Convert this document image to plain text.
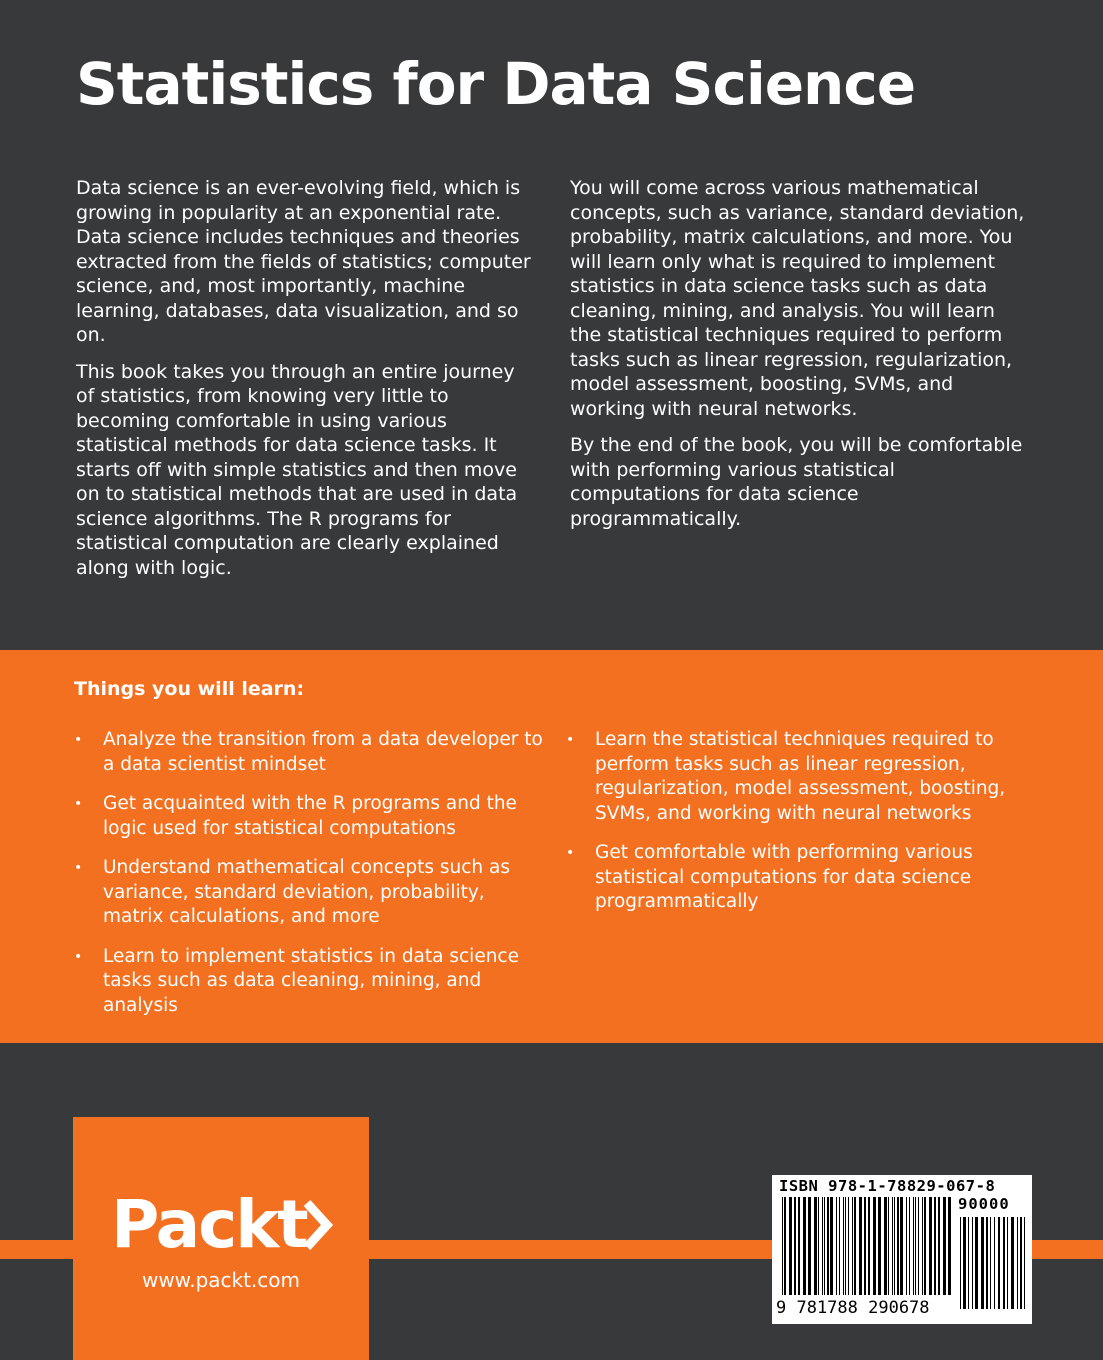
Statistics for Data Science

Data science is an ever-evolving field, which is growing in popularity at an exponential rate. Data science includes techniques and theories extracted from the fields of statistics; computer science, and, most importantly, machine learning, databases, data visualization, and so on.

This book takes you through an entire journey of statistics, from knowing very little to becoming comfortable in using various statistical methods for data science tasks. It starts off with simple statistics and then move on to statistical methods that are used in data science algorithms. The R programs for statistical computation are clearly explained along with logic.

You will come across various mathematical concepts, such as variance, standard deviation, probability, matrix calculations, and more. You will learn only what is required to implement statistics in data science tasks such as data cleaning, mining, and analysis. You will learn the statistical techniques required to perform tasks such as linear regression, regularization, model assessment, boosting, SVMs, and working with neural networks.

By the end of the book, you will be comfortable with performing various statistical computations for data science programmatically.

Things you will learn:
• Analyze the transition from a data developer to a data scientist mindset
• Get acquainted with the R programs and the logic used for statistical computations
• Understand mathematical concepts such as variance, standard deviation, probability, matrix calculations, and more
• Learn to implement statistics in data science tasks such as data cleaning, mining, and analysis
• Learn the statistical techniques required to perform tasks such as linear regression, regularization, model assessment, boosting, SVMs, and working with neural networks
• Get comfortable with performing various statistical computations for data science programmatically
Packt
www.packt.com
ISBN 978-1-78829-067-8
90000
9 781788 290678
